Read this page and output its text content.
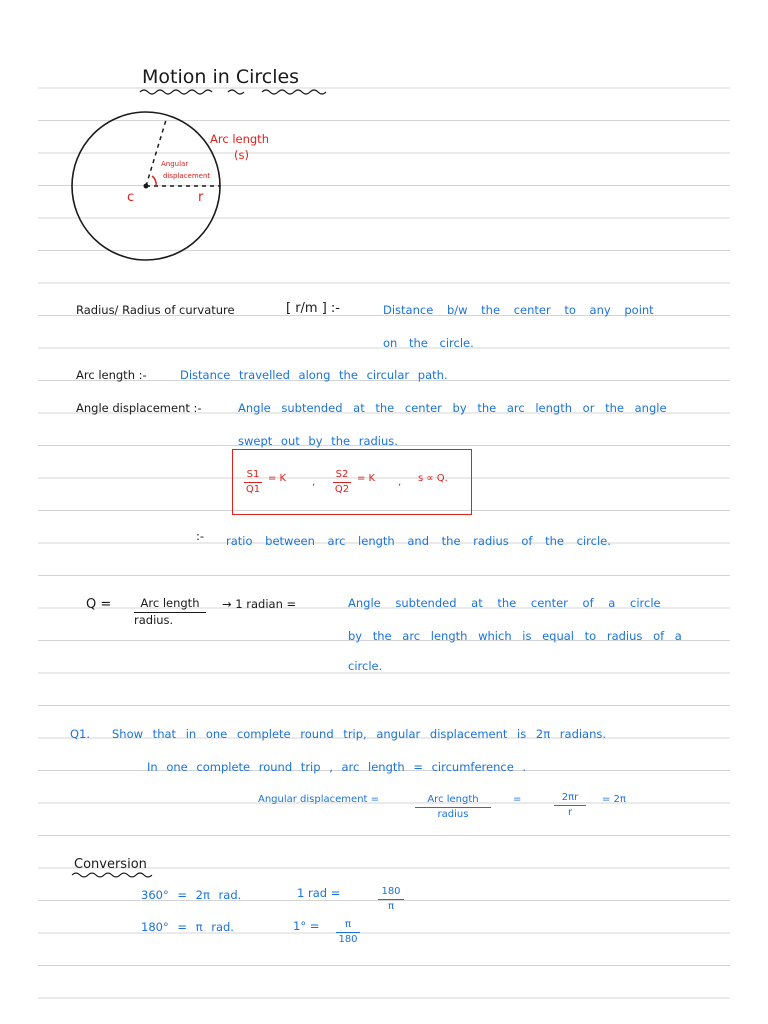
Motion in Circles
Arc length
(s)
Angular
displacement
c	r
Radius/ Radius of curvature	[ r/m ] :-	Distance b/w the center to any point
on the circle.
Arc length :-	Distance travelled along the circular path.
Angle displacement :-	Angle subtended at the center by the arc length or the angle
swept out by the radius.
S1
Q1
= K	,
S2
Q2
= K , s ∝ Q.
:- ratio between arc length and the radius of the circle.
Q =	Arc length
radius.
→ 1 radian =	Angle subtended at the center of a circle
by the arc length which is equal to radius of a
circle.
Q1. Show that in one complete round trip, angular displacement is 2π radians.
In one complete round trip , arc length = circumference .
Angular displacement =	Arc length
radius
=	2πr
r
= 2π
Conversion
360° = 2π rad.	1 rad =	180
π
180° = π rad.	1° =	π
180
